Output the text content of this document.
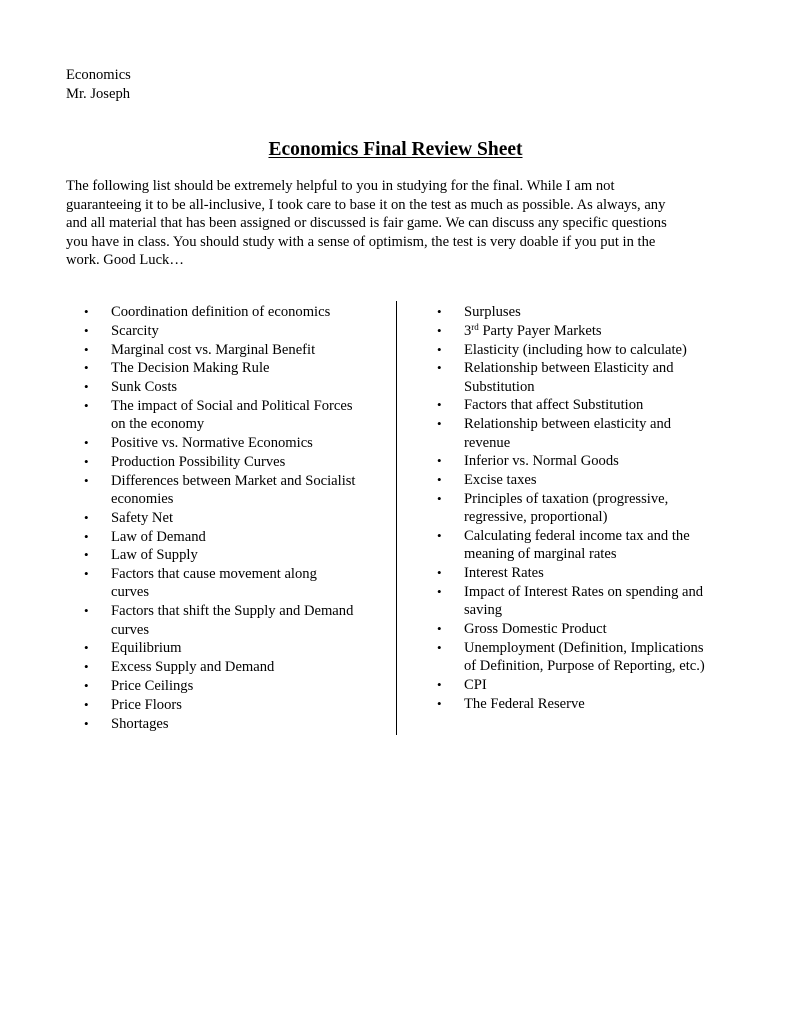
Economics
Mr. Joseph
Economics Final Review Sheet
The following list should be extremely helpful to you in studying for the final. While I am not
guaranteeing it to be all-inclusive, I took care to base it on the test as much as possible. As always, any
and all material that has been assigned or discussed is fair game. We can discuss any specific questions
you have in class. You should study with a sense of optimism, the test is very doable if you put in the
work. Good Luck…
• Coordination definition of economics
• Scarcity
• Marginal cost vs. Marginal Benefit
• The Decision Making Rule
• Sunk Costs
• The impact of Social and Political Forces
on the economy
• Positive vs. Normative Economics
• Production Possibility Curves
• Differences between Market and Socialist
economies
• Safety Net
• Law of Demand
• Law of Supply
• Factors that cause movement along
curves
• Factors that shift the Supply and Demand
curves
• Equilibrium
• Excess Supply and Demand
• Price Ceilings
• Price Floors
• Shortages
• Surpluses
• 3rd Party Payer Markets
• Elasticity (including how to calculate)
• Relationship between Elasticity and
Substitution
• Factors that affect Substitution
• Relationship between elasticity and
revenue
• Inferior vs. Normal Goods
• Excise taxes
• Principles of taxation (progressive,
regressive, proportional)
• Calculating federal income tax and the
meaning of marginal rates
• Interest Rates
• Impact of Interest Rates on spending and
saving
• Gross Domestic Product
• Unemployment (Definition, Implications
of Definition, Purpose of Reporting, etc.)
• CPI
• The Federal Reserve
